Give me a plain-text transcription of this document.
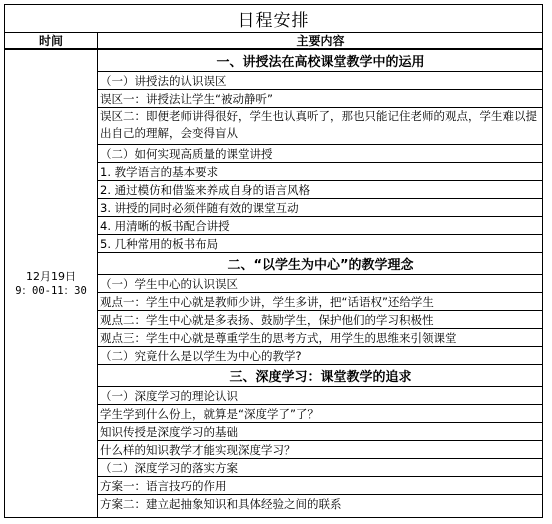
日程安排
时间	主要内容
12月19日
9：00-11：30
一、讲授法在高校课堂教学中的运用
（一）讲授法的认识误区
误区一：讲授法让学生“被动静听”
误区二：即便老师讲得很好，学生也认真听了，那也只能记住老师的观点，学生难以提出自己的理解，会变得盲从
（二）如何实现高质量的课堂讲授
1. 教学语言的基本要求
2. 通过模仿和借鉴来养成自身的语言风格
3. 讲授的同时必须伴随有效的课堂互动
4. 用清晰的板书配合讲授
5. 几种常用的板书布局
二、“以学生为中心”的教学理念
（一）学生中心的认识误区
观点一：学生中心就是教师少讲，学生多讲，把“话语权”还给学生
观点二：学生中心就是多表扬、鼓励学生，保护他们的学习积极性
观点三：学生中心就是尊重学生的思考方式，用学生的思维来引领课堂
（二）究竟什么是以学生为中心的教学?
三、深度学习：课堂教学的追求
（一）深度学习的理论认识
学生学到什么份上，就算是“深度学了”了？
知识传授是深度学习的基础
什么样的知识教学才能实现深度学习？
（二）深度学习的落实方案
方案一：语言技巧的作用
方案二：建立起抽象知识和具体经验之间的联系
